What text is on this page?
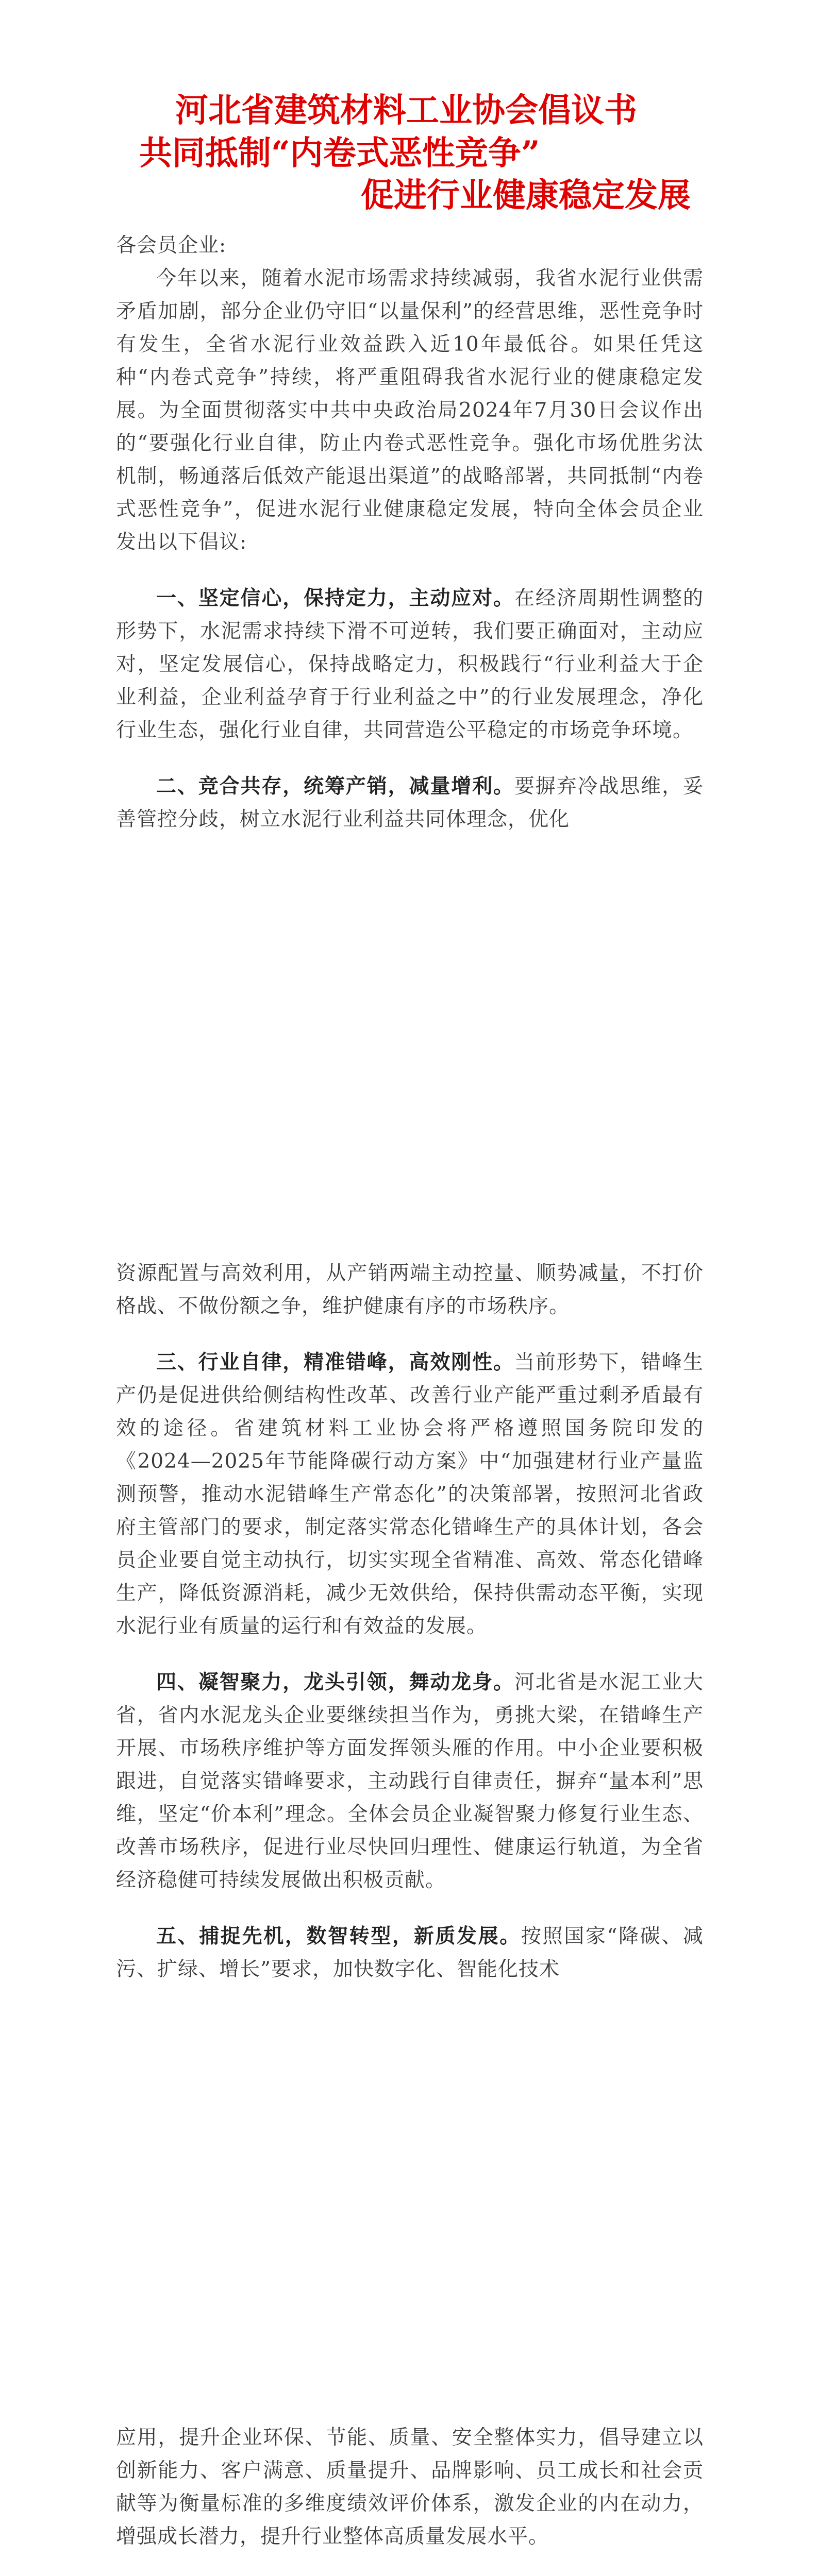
河北省建筑材料工业协会倡议书
共同抵制“内卷式恶性竞争”
促进行业健康稳定发展

各会员企业:

今年以来，随着水泥市场需求持续减弱，我省水泥行业供需矛盾加剧，部分企业仍守旧“以量保利”的经营思维，恶性竞争时有发生，全省水泥行业效益跌入近10年最低谷。如果任凭这种“内卷式竞争”持续，将严重阻碍我省水泥行业的健康稳定发展。为全面贯彻落实中共中央政治局2024年7月30日会议作出的“要强化行业自律，防止内卷式恶性竞争。强化市场优胜劣汰机制，畅通落后低效产能退出渠道”的战略部署，共同抵制“内卷式恶性竞争”，促进水泥行业健康稳定发展，特向全体会员企业发出以下倡议:

一、坚定信心，保持定力，主动应对。在经济周期性调整的形势下，水泥需求持续下滑不可逆转，我们要正确面对，主动应对，坚定发展信心，保持战略定力，积极践行“行业利益大于企业利益，企业利益孕育于行业利益之中”的行业发展理念，净化行业生态，强化行业自律，共同营造公平稳定的市场竞争环境。

二、竞合共存，统筹产销，减量增利。要摒弃冷战思维，妥善管控分歧，树立水泥行业利益共同体理念，优化

资源配置与高效利用，从产销两端主动控量、顺势减量，不打价格战、不做份额之争，维护健康有序的市场秩序。

三、行业自律，精准错峰，高效刚性。当前形势下，错峰生产仍是促进供给侧结构性改革、改善行业产能严重过剩矛盾最有效的途径。省建筑材料工业协会将严格遵照国务院印发的《2024—2025年节能降碳行动方案》中“加强建材行业产量监测预警，推动水泥错峰生产常态化”的决策部署，按照河北省政府主管部门的要求，制定落实常态化错峰生产的具体计划，各会员企业要自觉主动执行，切实实现全省精准、高效、常态化错峰生产，降低资源消耗，减少无效供给，保持供需动态平衡，实现水泥行业有质量的运行和有效益的发展。

四、凝智聚力，龙头引领，舞动龙身。河北省是水泥工业大省，省内水泥龙头企业要继续担当作为，勇挑大梁，在错峰生产开展、市场秩序维护等方面发挥领头雁的作用。中小企业要积极跟进，自觉落实错峰要求，主动践行自律责任，摒弃“量本利”思维，坚定“价本利”理念。全体会员企业凝智聚力修复行业生态、改善市场秩序，促进行业尽快回归理性、健康运行轨道，为全省经济稳健可持续发展做出积极贡献。

五、捕捉先机，数智转型，新质发展。按照国家“降碳、减污、扩绿、增长”要求，加快数字化、智能化技术

应用，提升企业环保、节能、质量、安全整体实力，倡导建立以创新能力、客户满意、质量提升、品牌影响、员工成长和社会贡献等为衡量标准的多维度绩效评价体系，激发企业的内在动力，增强成长潜力，提升行业整体高质量发展水平。
